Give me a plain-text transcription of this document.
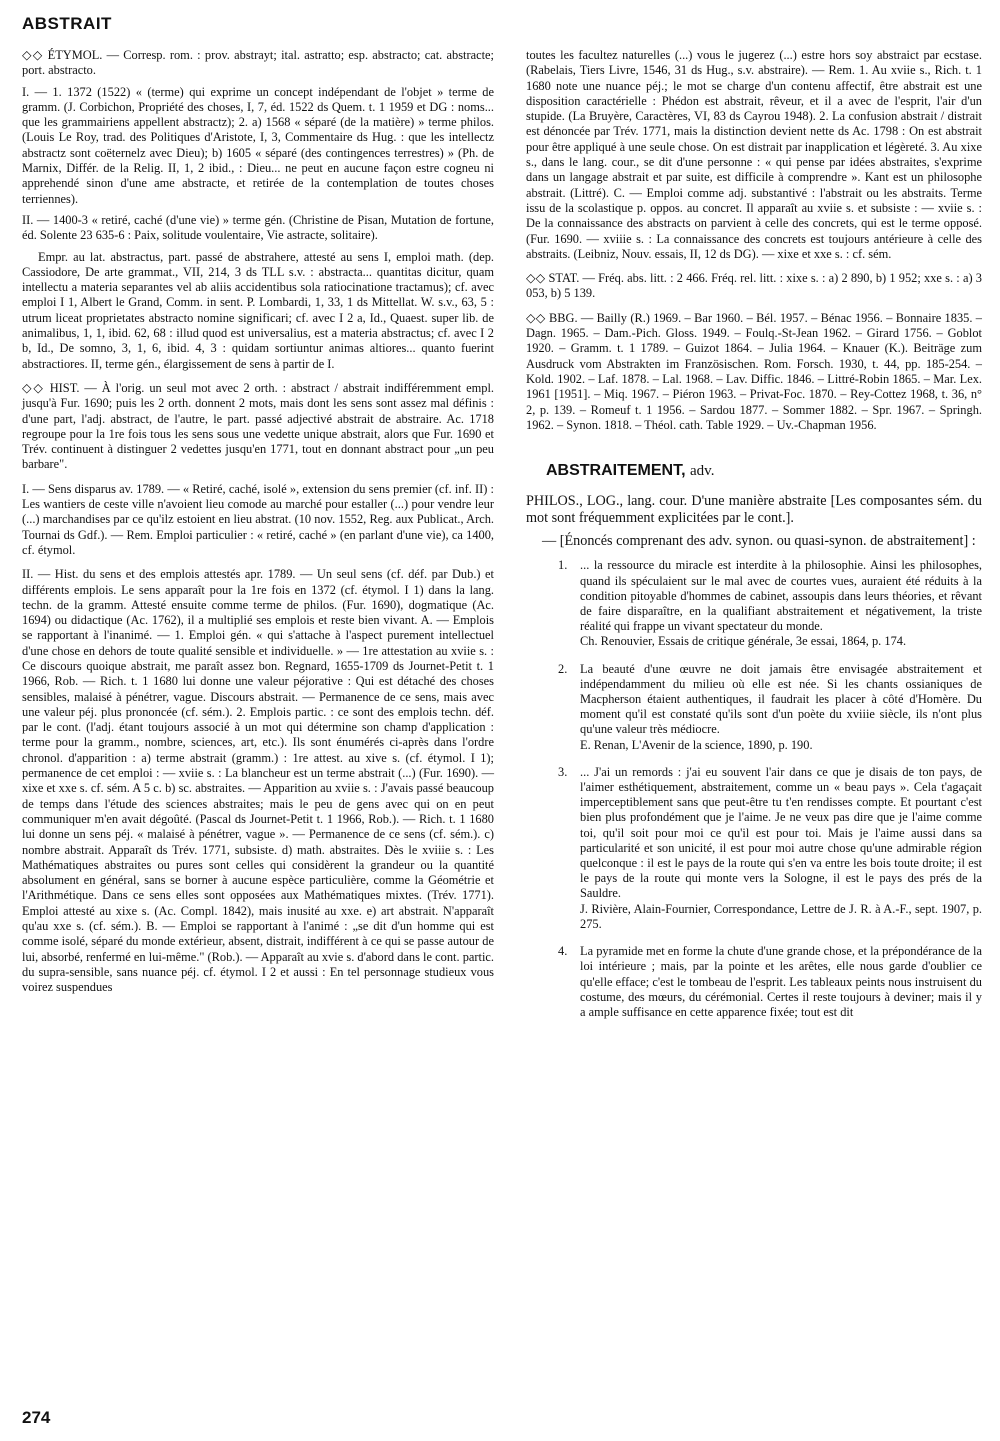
ABSTRAIT

◇◇ ÉTYMOL. — Corresp. rom. : prov. abstrayt; ital. astratto; esp. abstracto; cat. abstracte; port. abstracto.

I. — 1. 1372 (1522) « (terme) qui exprime un concept indépendant de l'objet » terme de gramm. (J. Corbichon, Propriété des choses, I, 7, éd. 1522 ds Quem. t. 1 1959 et DG : noms... que les grammairiens appellent abstractz); 2. a) 1568 « séparé (de la matière) » terme philos. (Louis Le Roy, trad. des Politiques d'Aristote, I, 3, Commentaire ds Hug. : que les intellectz abstractz sont coëternelz avec Dieu); b) 1605 « séparé (des contingences terrestres) » (Ph. de Marnix, Différ. de la Relig. II, 1, 2 ibid., : Dieu... ne peut en aucune façon estre cogneu ni apprehendé sinon d'une ame abstracte, et retirée de la contemplation de toutes choses terriennes).

II. — 1400-3 « retiré, caché (d'une vie) » terme gén. (Christine de Pisan, Mutation de fortune, éd. Solente 23 635-6 : Paix, solitude voulentaire, Vie astracte, solitaire).

Empr. au lat. abstractus, part. passé de abstrahere, attesté au sens I, emploi math. (dep. Cassiodore, De arte grammat., VII, 214, 3 ds TLL s.v. : abstracta... quantitas dicitur, quam intellectu a materia separantes vel ab aliis accidentibus sola ratiocinatione tractamus); cf. avec emploi I 1, Albert le Grand, Comm. in sent. P. Lombardi, 1, 33, 1 ds Mittellat. W. s.v., 63, 5 : utrum liceat proprietates abstracto nomine significari; cf. avec I 2 a, Id., Quaest. super lib. de animalibus, 1, 1, ibid. 62, 68 : illud quod est universalius, est a materia abstractus; cf. avec I 2 b, Id., De somno, 3, 1, 6, ibid. 4, 3 : quidam sortiuntur animas altiores... quanto fuerint abstractiores. II, terme gén., élargissement de sens à partir de I.

◇◇ HIST. — À l'orig. un seul mot avec 2 orth. : abstract / abstrait indifféremment empl. jusqu'à Fur. 1690; puis les 2 orth. donnent 2 mots, mais dont les sens sont assez mal définis : d'une part, l'adj. abstract, de l'autre, le part. passé adjectivé abstrait de abstraire. Ac. 1718 regroupe pour la 1re fois tous les sens sous une vedette unique abstrait, alors que Fur. 1690 et Trév. continuent à distinguer 2 vedettes jusqu'en 1771, tout en donnant abstract pour „un peu barbare".

I. — Sens disparus av. 1789. — « Retiré, caché, isolé », extension du sens premier (cf. inf. II) : Les wantiers de ceste ville n'avoient lieu comode au marché pour estaller (...) pour vendre leur (...) marchandises par ce qu'ilz estoient en lieu abstrat. (10 nov. 1552, Reg. aux Publicat., Arch. Tournai ds Gdf.). — Rem. Emploi particulier : « retiré, caché » (en parlant d'une vie), ca 1400, cf. étymol.

II. — Hist. du sens et des emplois attestés apr. 1789. — Un seul sens (cf. déf. par Dub.) et différents emplois. Le sens apparaît pour la 1re fois en 1372 (cf. étymol. I 1) dans la lang. techn. de la gramm. Attesté ensuite comme terme de philos. (Fur. 1690), dogmatique (Ac. 1694) ou didactique (Ac. 1762), il a multiplié ses emplois et reste bien vivant. A. — Emplois se rapportant à l'inanimé. — 1. Emploi gén. « qui s'attache à l'aspect purement intellectuel d'une chose en dehors de toute qualité sensible et individuelle. » — 1re attestation au xviie s. : Ce discours quoique abstrait, me paraît assez bon. Regnard, 1655-1709 ds Journet-Petit t. 1 1966, Rob. — Rich. t. 1 1680 lui donne une valeur péjorative : Qui est détaché des choses sensibles, malaisé à pénétrer, vague. Discours abstrait. — Permanence de ce sens, mais avec une valeur péj. plus prononcée (cf. sém.). 2. Emplois partic. : ce sont des emplois techn. déf. par le cont. (l'adj. étant toujours associé à un mot qui détermine son champ d'application : terme pour la gramm., nombre, sciences, art, etc.). Ils sont énumérés ci-après dans l'ordre chronol. d'apparition : a) terme abstrait (gramm.) : 1re attest. au xive s. (cf. étymol. I 1); permanence de cet emploi : — xviie s. : La blancheur est un terme abstrait (...) (Fur. 1690). — xixe et xxe s. cf. sém. A 5 c. b) sc. abstraites. — Apparition au xviie s. : J'avais passé beaucoup de temps dans l'étude des sciences abstraites; mais le peu de gens avec qui on en peut communiquer m'en avait dégoûté. (Pascal ds Journet-Petit t. 1 1966, Rob.). — Rich. t. 1 1680 lui donne un sens péj. « malaisé à pénétrer, vague ». — Permanence de ce sens (cf. sém.). c) nombre abstrait. Apparaît ds Trév. 1771, subsiste. d) math. abstraites. Dès le xviiie s. : Les Mathématiques abstraites ou pures sont celles qui considèrent la grandeur ou la quantité absolument en général, sans se borner à aucune espèce particulière, comme la Géométrie et l'Arithmétique. Dans ce sens elles sont opposées aux Mathématiques mixtes. (Trév. 1771). Emploi attesté au xixe s. (Ac. Compl. 1842), mais inusité au xxe. e) art abstrait. N'apparaît qu'au xxe s. (cf. sém.). B. — Emploi se rapportant à l'animé : „se dit d'un homme qui est comme isolé, séparé du monde extérieur, absent, distrait, indifférent à ce qui se passe autour de lui, absorbé, renfermé en lui-même." (Rob.). — Apparaît au xvie s. d'abord dans le cont. partic. du supra-sensible, sans nuance péj. cf. étymol. I 2 et aussi : En tel personnage studieux vous voirez suspendues

toutes les facultez naturelles (...) vous le jugerez (...) estre hors soy abstraict par ecstase. (Rabelais, Tiers Livre, 1546, 31 ds Hug., s.v. abstraire). — Rem. 1. Au xviie s., Rich. t. 1 1680 note une nuance péj.; le mot se charge d'un contenu affectif, être abstrait est une disposition caractérielle : Phédon est abstrait, rêveur, et il a avec de l'esprit, l'air d'un stupide. (La Bruyère, Caractères, VI, 83 ds Cayrou 1948). 2. La confusion abstrait / distrait est dénoncée par Trév. 1771, mais la distinction devient nette ds Ac. 1798 : On est abstrait pour être appliqué à une seule chose. On est distrait par inapplication et légèreté. 3. Au xixe s., dans le lang. cour., se dit d'une personne : « qui pense par idées abstraites, s'exprime dans un langage abstrait et par suite, est difficile à comprendre ». Kant est un philosophe abstrait. (Littré). C. — Emploi comme adj. substantivé : l'abstrait ou les abstraits. Terme issu de la scolastique p. oppos. au concret. Il apparaît au xviie s. et subsiste : — xviie s. : De la connaissance des abstracts on parvient à celle des concrets, qui est le terme opposé. (Fur. 1690. — xviiie s. : La connaissance des concrets est toujours antérieure à celle des abstraits. (Leibniz, Nouv. essais, II, 12 ds DG). — xixe et xxe s. : cf. sém.

◇◇ STAT. — Fréq. abs. litt. : 2 466. Fréq. rel. litt. : xixe s. : a) 2 890, b) 1 952; xxe s. : a) 3 053, b) 5 139.

◇◇ BBG. — Bailly (R.) 1969. – Bar 1960. – Bél. 1957. – Bénac 1956. – Bonnaire 1835. – Dagn. 1965. – Dam.-Pich. Gloss. 1949. – Foulq.-St-Jean 1962. – Girard 1756. – Goblot 1920. – Gramm. t. 1 1789. – Guizot 1864. – Julia 1964. – Knauer (K.). Beiträge zum Ausdruck vom Abstrakten im Französischen. Rom. Forsch. 1930, t. 44, pp. 185-254. – Kold. 1902. – Laf. 1878. – Lal. 1968. – Lav. Diffic. 1846. – Littré-Robin 1865. – Mar. Lex. 1961 [1951]. – Miq. 1967. – Piéron 1963. – Privat-Foc. 1870. – Rey-Cottez 1968, t. 36, n° 2, p. 139. – Romeuf t. 1 1956. – Sardou 1877. – Sommer 1882. – Spr. 1967. – Springh. 1962. – Synon. 1818. – Théol. cath. Table 1929. – Uv.-Chapman 1956.

ABSTRAITEMENT, adv.

PHILOS., LOG., lang. cour. D'une manière abstraite [Les composantes sém. du mot sont fréquemment explicitées par le cont.].

— [Énoncés comprenant des adv. synon. ou quasi-synon. de abstraitement] :

1. ... la ressource du miracle est interdite à la philosophie. Ainsi les philosophes, quand ils spéculaient sur le mal avec de courtes vues, auraient été réduits à la condition pitoyable d'hommes de cabinet, assoupis dans leurs théories, et rêvant de faire disparaître, en la qualifiant abstraitement et négativement, la triste réalité qui frappe un vivant spectateur du monde.
Ch. Renouvier, Essais de critique générale, 3e essai, 1864, p. 174.
2. La beauté d'une œuvre ne doit jamais être envisagée abstraitement et indépendamment du milieu où elle est née. Si les chants ossianiques de Macpherson étaient authentiques, il faudrait les placer à côté d'Homère. Du moment qu'il est constaté qu'ils sont d'un poète du xviiie siècle, ils n'ont plus qu'une valeur très médiocre.
E. Renan, L'Avenir de la science, 1890, p. 190.
3. ... J'ai un remords : j'ai eu souvent l'air dans ce que je disais de ton pays, de l'aimer esthétiquement, abstraitement, comme un « beau pays ». Cela t'agaçait imperceptiblement sans que peut-être tu t'en rendisses compte. Et pourtant c'est bien plus profondément que je l'aime. Je ne veux pas dire que je l'aime comme toi, qu'il soit pour moi ce qu'il est pour toi. Mais je l'aime aussi dans sa particularité et son unicité, il est pour moi autre chose qu'une admirable région quelconque : il est le pays de la route qui s'en va entre les bois toute droite; il est le pays de la route qui monte vers la Sologne, il est le pays des prés de la Sauldre.
J. Rivière, Alain-Fournier, Correspondance, Lettre de J. R. à A.-F., sept. 1907, p. 275.
4. La pyramide met en forme la chute d'une grande chose, et la prépondérance de la loi intérieure ; mais, par la pointe et les arêtes, elle nous garde d'oublier ce qu'elle efface; c'est le tombeau de l'esprit. Les tableaux peints nous instruisent du costume, des mœurs, du cérémonial. Certes il reste toujours à deviner; mais il y a ample suffisance en cette apparence fixée; tout est dit
274
